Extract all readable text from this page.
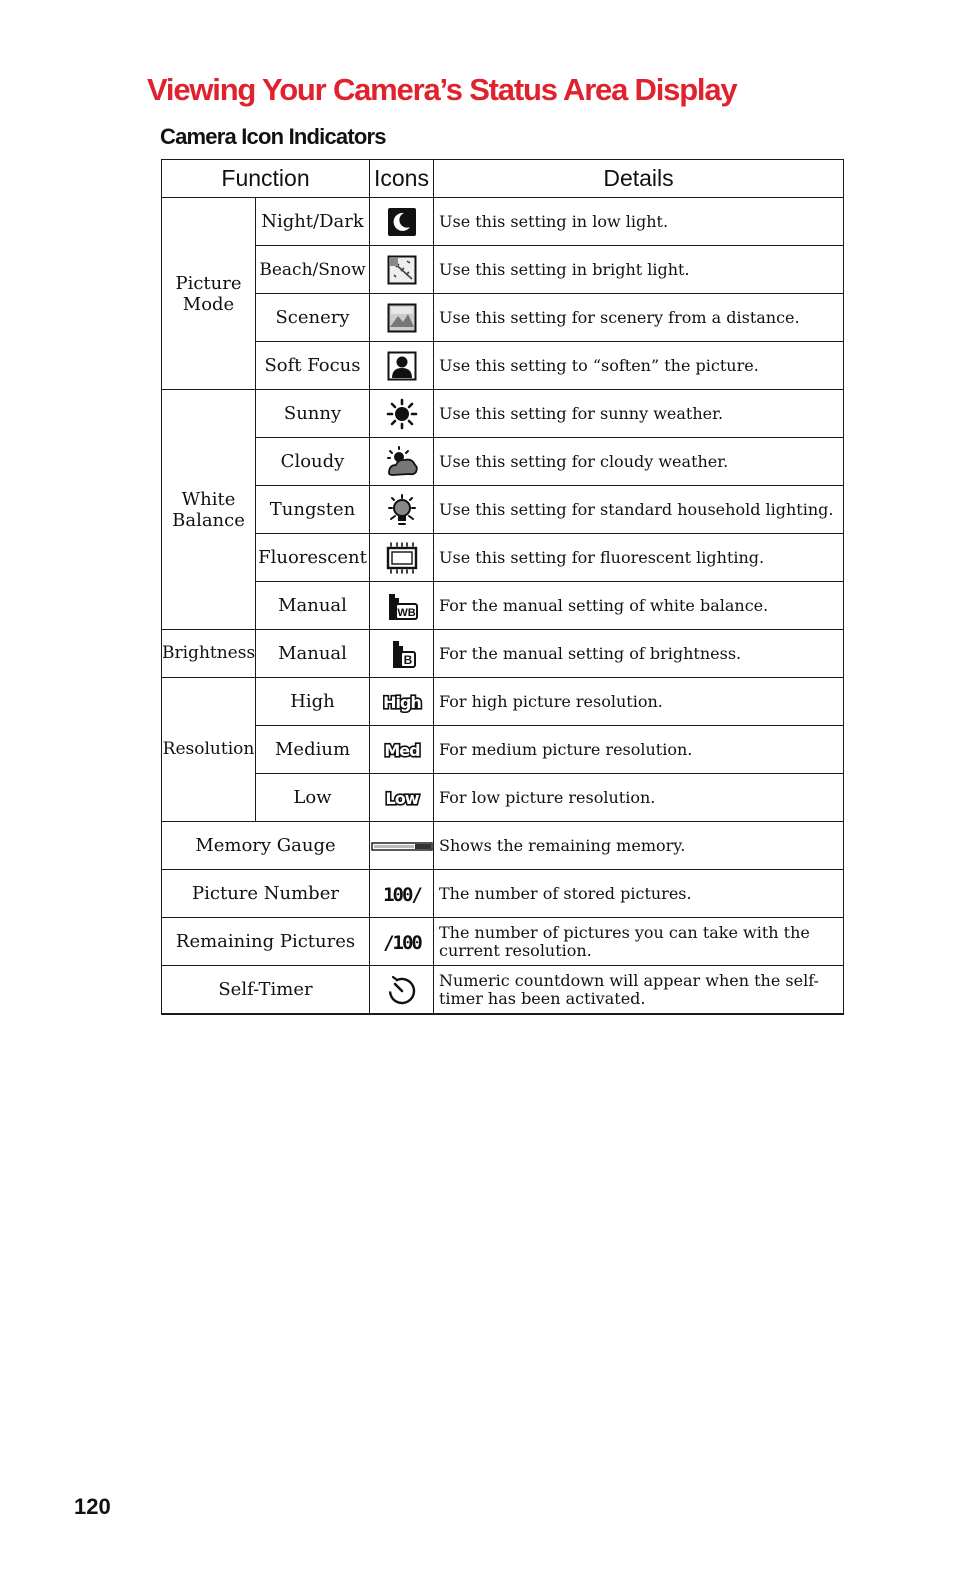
Viewing Your Camera’s Status Area Display
Camera Icon Indicators
Function		Icons	Details
Picture Mode	Night/Dark		Use this setting in low light.
	Beach/Snow		Use this setting in bright light.
	Scenery		Use this setting for scenery from a distance.
	Soft Focus		Use this setting to “soften” the picture.
White Balance	Sunny		Use this setting for sunny weather.
	Cloudy		Use this setting for cloudy weather.
	Tungsten		Use this setting for standard household lighting.
	Fluorescent		Use this setting for fluorescent lighting.
	Manual	WB	For the manual setting of white balance.
Brightness	Manual	B	For the manual setting of brightness.
Resolution	High	High	For high picture resolution.
	Medium	Med	For medium picture resolution.
	Low	Low	For low picture resolution.
Memory Gauge			Shows the remaining memory.
Picture Number		100/	The number of stored pictures.
Remaining Pictures		/100	The number of pictures you can take with the current resolution.
Self-Timer			Numeric countdown will appear when the self-timer has been activated.
120
